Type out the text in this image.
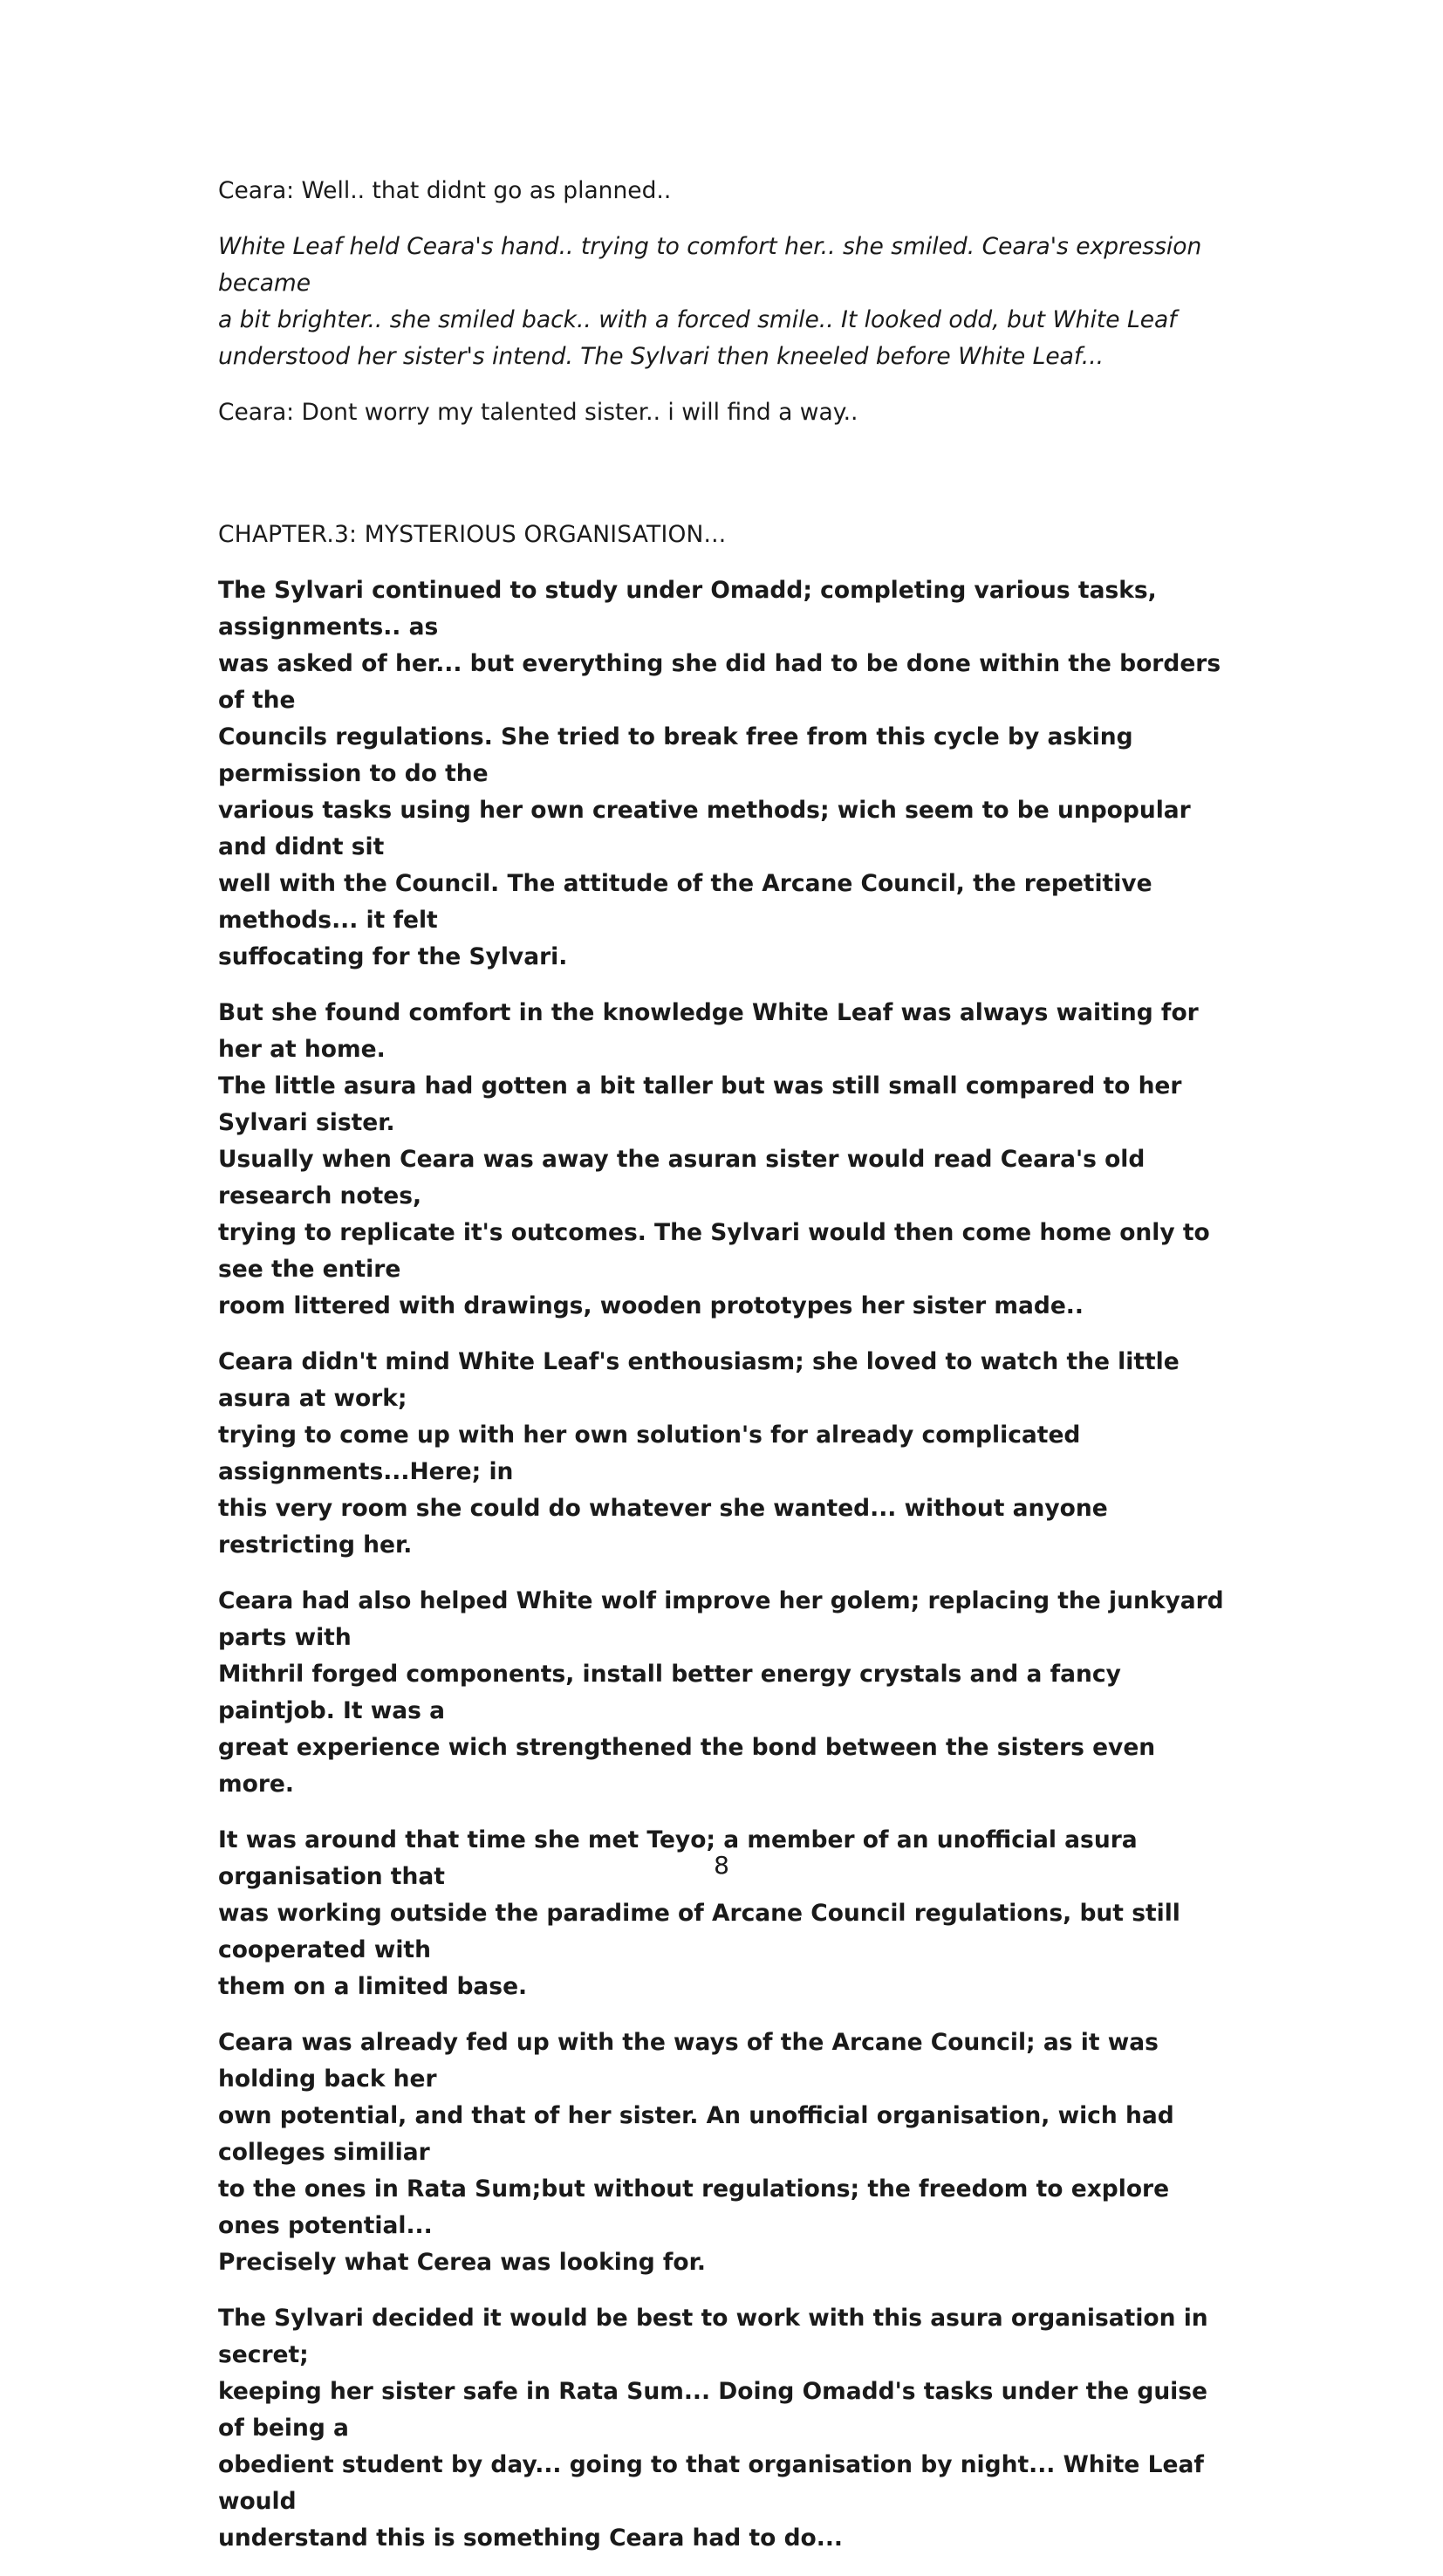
Ceara: Well.. that didnt go as planned..

White Leaf held Ceara's hand.. trying to comfort her.. she smiled. Ceara's expression became
a bit brighter.. she smiled back.. with a forced smile.. It looked odd, but White Leaf
understood her sister's intend. The Sylvari then kneeled before White Leaf...

Ceara: Dont worry my talented sister.. i will find a way..

CHAPTER.3: MYSTERIOUS ORGANISATION...

The Sylvari continued to study under Omadd; completing various tasks, assignments.. as
was asked of her... but everything she did had to be done within the borders of the
Councils regulations. She tried to break free from this cycle by asking permission to do the
various tasks using her own creative methods; wich seem to be unpopular and didnt sit
well with the Council. The attitude of the Arcane Council, the repetitive methods... it felt
suffocating for the Sylvari.

But she found comfort in the knowledge White Leaf was always waiting for her at home.
The little asura had gotten a bit taller but was still small compared to her Sylvari sister.
Usually when Ceara was away the asuran sister would read Ceara's old research notes,
trying to replicate it's outcomes. The Sylvari would then come home only to see the entire
room littered with drawings, wooden prototypes her sister made..

Ceara didn't mind White Leaf's enthousiasm; she loved to watch the little asura at work;
trying to come up with her own solution's for already complicated assignments...Here; in
this very room she could do whatever she wanted... without anyone restricting her.

Ceara had also helped White wolf improve her golem; replacing the junkyard parts with
Mithril forged components, install better energy crystals and a fancy paintjob. It was a
great experience wich strengthened the bond between the sisters even more.

It was around that time she met Teyo; a member of an unofficial asura organisation that
was working outside the paradime of Arcane Council regulations, but still cooperated with
them on a limited base.

Ceara was already fed up with the ways of the Arcane Council; as it was holding back her
own potential, and that of her sister. An unofficial organisation, wich had colleges similiar
to the ones in Rata Sum;but without regulations; the freedom to explore ones potential...
Precisely what Cerea was looking for.

The Sylvari decided it would be best to work with this asura organisation in secret;
keeping her sister safe in Rata Sum... Doing Omadd's tasks under the guise of being a
obedient student by day... going to that organisation by night... White Leaf would
understand this is something Ceara had to do...

8
